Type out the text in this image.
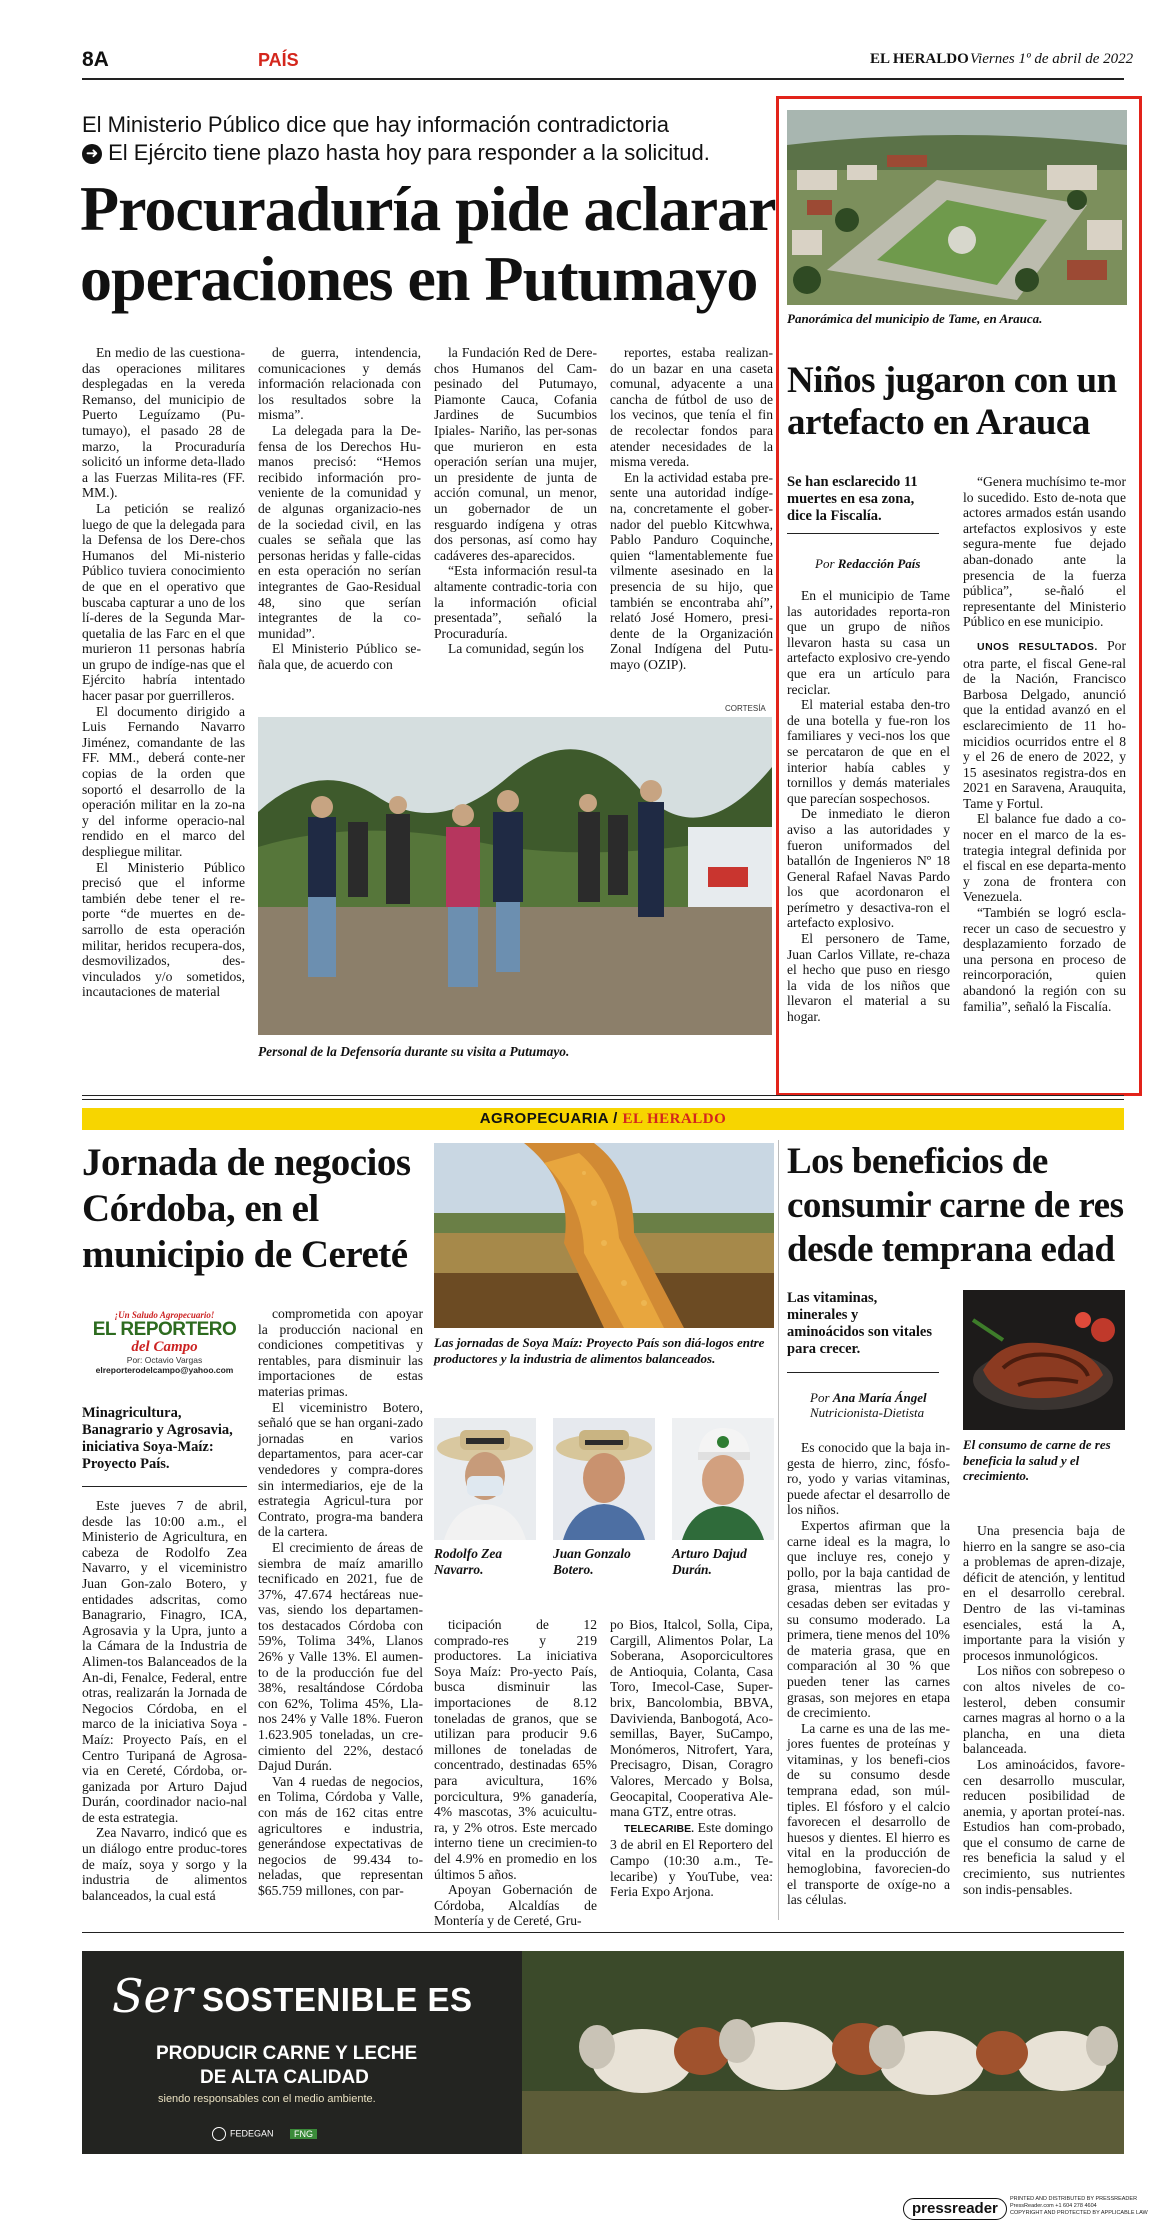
8A	PAÍS	EL HERALDO Viernes 1º de abril de 2022
El Ministerio Público dice que hay información contradictoria
➜ El Ejército tiene plazo hasta hoy para responder a la solicitud.
Procuraduría pide aclarar
operaciones en Putumayo

En medio de las cuestiona-das operaciones militares desplegadas en la vereda Remanso, del municipio de Puerto Leguízamo (Pu-tumayo), el pasado 28 de marzo, la Procuraduría solicitó un informe deta-llado a las Fuerzas Milita-res (FF. MM.).

La petición se realizó luego de que la delegada para la Defensa de los Dere-chos Humanos del Mi-nisterio Público tuviera conocimiento de que en el operativo que buscaba capturar a uno de los lí-deres de la Segunda Mar-quetalia de las Farc en el que murieron 11 personas habría un grupo de indíge-nas que el Ejército habría intentado hacer pasar por guerrilleros.

El documento dirigido a Luis Fernando Navarro Jiménez, comandante de las FF. MM., deberá conte-ner copias de la orden que soportó el desarrollo de la operación militar en la zo-na y del informe operacio-nal rendido en el marco del despliegue militar.

El Ministerio Público precisó que el informe también debe tener el re-porte “de muertes en de-sarrollo de esta operación militar, heridos recupera-dos, desmovilizados, des-vinculados y/o sometidos, incautaciones de material

de guerra, intendencia, comunicaciones y demás información relacionada con los resultados sobre la misma”.

La delegada para la De-fensa de los Derechos Hu-manos precisó: “Hemos recibido información pro-veniente de la comunidad y de algunas organizacio-nes de la sociedad civil, en las cuales se señala que las personas heridas y falle-cidas en esta operación no serían integrantes de Gao-Residual 48, sino que serían integrantes de la co-munidad”.

El Ministerio Público se-ñala que, de acuerdo con

la Fundación Red de Dere-chos Humanos del Cam-pesinado del Putumayo, Piamonte Cauca, Cofania Jardines de Sucumbios Ipiales- Nariño, las per-sonas que murieron en esta operación serían una mujer, un presidente de junta de acción comunal, un menor, un gobernador de un resguardo indígena y otras dos personas, así como hay cadáveres des-aparecidos.

“Esta información resul-ta altamente contradic-toria con la información oficial presentada”, señaló la Procuraduría.

La comunidad, según los

reportes, estaba realizan-do un bazar en una caseta comunal, adyacente a una cancha de fútbol de uso de los vecinos, que tenía el fin de recolectar fondos para atender necesidades de la misma vereda.

En la actividad estaba pre-sente una autoridad indíge-na, concretamente el gober-nador del pueblo Kitcwhwa, Pablo Panduro Coquinche, quien “lamentablemente fue vilmente asesinado en la presencia de su hijo, que también se encontraba ahí”, relató José Homero, presi-dente de la Organización Zonal Indígena del Putu-mayo (OZIP).

CORTESÍA
Personal de la Defensoría durante su visita a Putumayo.
Panorámica del municipio de Tame, en Arauca.
Niños jugaron con un
artefacto en Arauca
Se han esclarecido 11 muertes en esa zona, dice la Fiscalía.
Por Redacción País

En el municipio de Tame las autoridades reporta-ron que un grupo de niños llevaron hasta su casa un artefacto explosivo cre-yendo que era un artículo para reciclar.

El material estaba den-tro de una botella y fue-ron los familiares y veci-nos los que se percataron de que en el interior había cables y tornillos y demás materiales que parecían sospechosos.

De inmediato le dieron aviso a las autoridades y fueron uniformados del batallón de Ingenieros Nº 18 General Rafael Navas Pardo los que acordonaron el perímetro y desactiva-ron el artefacto explosivo.

El personero de Tame, Juan Carlos Villate, re-chaza el hecho que puso en riesgo la vida de los niños que llevaron el material a su hogar.

“Genera muchísimo te-mor lo sucedido. Esto de-nota que actores armados están usando artefactos explosivos y este segura-mente fue dejado aban-donado ante la presencia de la fuerza pública”, se-ñaló el representante del Ministerio Público en ese municipio.

UNOS RESULTADOS. Por otra parte, el fiscal Gene-ral de la Nación, Francisco Barbosa Delgado, anunció que la entidad avanzó en el esclarecimiento de 11 ho-micidios ocurridos entre el 8 y el 26 de enero de 2022, y 15 asesinatos registra-dos en 2021 en Saravena, Arauquita, Tame y Fortul.

El balance fue dado a co-nocer en el marco de la es-trategia integral definida por el fiscal en ese departa-mento y zona de frontera con Venezuela.

“También se logró escla-recer un caso de secuestro y desplazamiento forzado de una persona en proceso de reincorporación, quien abandonó la región con su familia”, señaló la Fiscalía.

AGROPECUARIA / EL HERALDO
Jornada de negocios
Córdoba, en el
municipio de Cereté
¡Un Saludo Agropecuario!
EL REPORTERO
del Campo
Por: Octavio Vargas
elreporterodelcampo@yahoo.com
Minagricultura, Banagrario y Agrosavia, iniciativa Soya-Maíz: Proyecto País.

Este jueves 7 de abril, desde las 10:00 a.m., el Ministerio de Agricultura, en cabeza de Rodolfo Zea Navarro, y el viceministro Juan Gon-zalo Botero, y entidades adscritas, como Banagrario, Finagro, ICA, Agrosavia y la Upra, junto a la Cámara de la Industria de Alimen-tos Balanceados de la An-di, Fenalce, Federal, entre otras, realizarán la Jornada de Negocios Córdoba, en el marco de la iniciativa Soya - Maíz: Proyecto País, en el Centro Turipaná de Agrosa-via en Cereté, Córdoba, or-ganizada por Arturo Dajud Durán, coordinador nacio-nal de esta estrategia.

Zea Navarro, indicó que es un diálogo entre produc-tores de maíz, soya y sorgo y la industria de alimentos balanceados, la cual está

comprometida con apoyar la producción nacional en condiciones competitivas y rentables, para disminuir las importaciones de estas materias primas.

El viceministro Botero, señaló que se han organi-zado jornadas en varios departamentos, para acer-car vendedores y compra-dores sin intermediarios, eje de la estrategia Agricul-tura por Contrato, progra-ma bandera de la cartera.

El crecimiento de áreas de siembra de maíz amarillo tecnificado en 2021, fue de 37%, 47.674 hectáreas nue-vas, siendo los departamen-tos destacados Córdoba con 59%, Tolima 34%, Llanos 26% y Valle 13%. El aumen-to de la producción fue del 38%, resaltándose Córdoba con 62%, Tolima 45%, Lla-nos 24% y Valle 18%. Fueron 1.623.905 toneladas, un cre-cimiento del 22%, destacó Dajud Durán.

Van 4 ruedas de negocios, en Tolima, Córdoba y Valle, con más de 162 citas entre agricultores e industria, generándose expectativas de negocios de 99.434 to-neladas, que representan $65.759 millones, con par-

Las jornadas de Soya Maíz: Proyecto País son diá-logos entre productores y la industria de alimentos balanceados.
Rodolfo Zea Navarro.
Juan Gonzalo Botero.
Arturo Dajud Durán.

ticipación de 12 comprado-res y 219 productores. La iniciativa Soya Maíz: Pro-yecto País, busca disminuir las importaciones de 8.12 toneladas de granos, que se utilizan para producir 9.6 millones de toneladas de concentrado, destinadas 65% para avicultura, 16% porcicultura, 9% ganadería, 4% mascotas, 3% acuicultu-ra, y 2% otros. Este mercado interno tiene un crecimien-to del 4.9% en promedio en los últimos 5 años.

Apoyan Gobernación de Córdoba, Alcaldías de Montería y de Cereté, Gru-

po Bios, Italcol, Solla, Cipa, Cargill, Alimentos Polar, La Soberana, Asoporcicultores de Antioquia, Colanta, Casa Toro, Imecol-Case, Super-brix, Bancolombia, BBVA, Davivienda, Banbogotá, Aco-semillas, Bayer, SuCampo, Monómeros, Nitrofert, Yara, Precisagro, Disan, Coragro Valores, Mercado y Bolsa, Geocapital, Cooperativa Ale-mana GTZ, entre otras.

TELECARIBE. Este domingo 3 de abril en El Reportero del Campo (10:30 a.m., Te-lecaribe) y YouTube, vea: Feria Expo Arjona.

Los beneficios de
consumir carne de res
desde temprana edad
Las vitaminas, minerales y aminoácidos son vitales para crecer.
Por Ana María Ángel
Nutricionista-Dietista

Es conocido que la baja in-gesta de hierro, zinc, fósfo-ro, yodo y varias vitaminas, puede afectar el desarrollo de los niños.

Expertos afirman que la carne ideal es la magra, lo que incluye res, conejo y pollo, por la baja cantidad de grasa, mientras las pro-cesadas deben ser evitadas y su consumo moderado. La primera, tiene menos del 10% de materia grasa, que en comparación al 30 % que pueden tener las carnes grasas, son mejores en etapa de crecimiento.

La carne es una de las me-jores fuentes de proteínas y vitaminas, y los benefi-cios de su consumo desde temprana edad, son múl-tiples. El fósforo y el calcio favorecen el desarrollo de huesos y dientes. El hierro es vital en la producción de hemoglobina, favorecien-do el transporte de oxíge-no a las células.

El consumo de carne de res beneficia la salud y el crecimiento.

Una presencia baja de hierro en la sangre se aso-cia a problemas de apren-dizaje, déficit de atención, y lentitud en el desarrollo cerebral. Dentro de las vi-taminas esenciales, está la A, importante para la visión y procesos inmunológicos.

Los niños con sobrepeso o con altos niveles de co-lesterol, deben consumir carnes magras al horno o a la plancha, en una dieta balanceada.

Los aminoácidos, favore-cen desarrollo muscular, reducen posibilidad de anemia, y aportan proteí-nas. Estudios han com-probado, que el consumo de carne de res beneficia la salud y el crecimiento, sus nutrientes son indis-pensables.

Ser SOSTENIBLE ES
PRODUCIR CARNE Y LECHE
DE ALTA CALIDAD
siendo responsables con el medio ambiente.
FEDEGAN	FNG
pressreader
PRINTED AND DISTRIBUTED BY PRESSREADER
PressReader.com +1 604 278 4604
COPYRIGHT AND PROTECTED BY APPLICABLE LAW
